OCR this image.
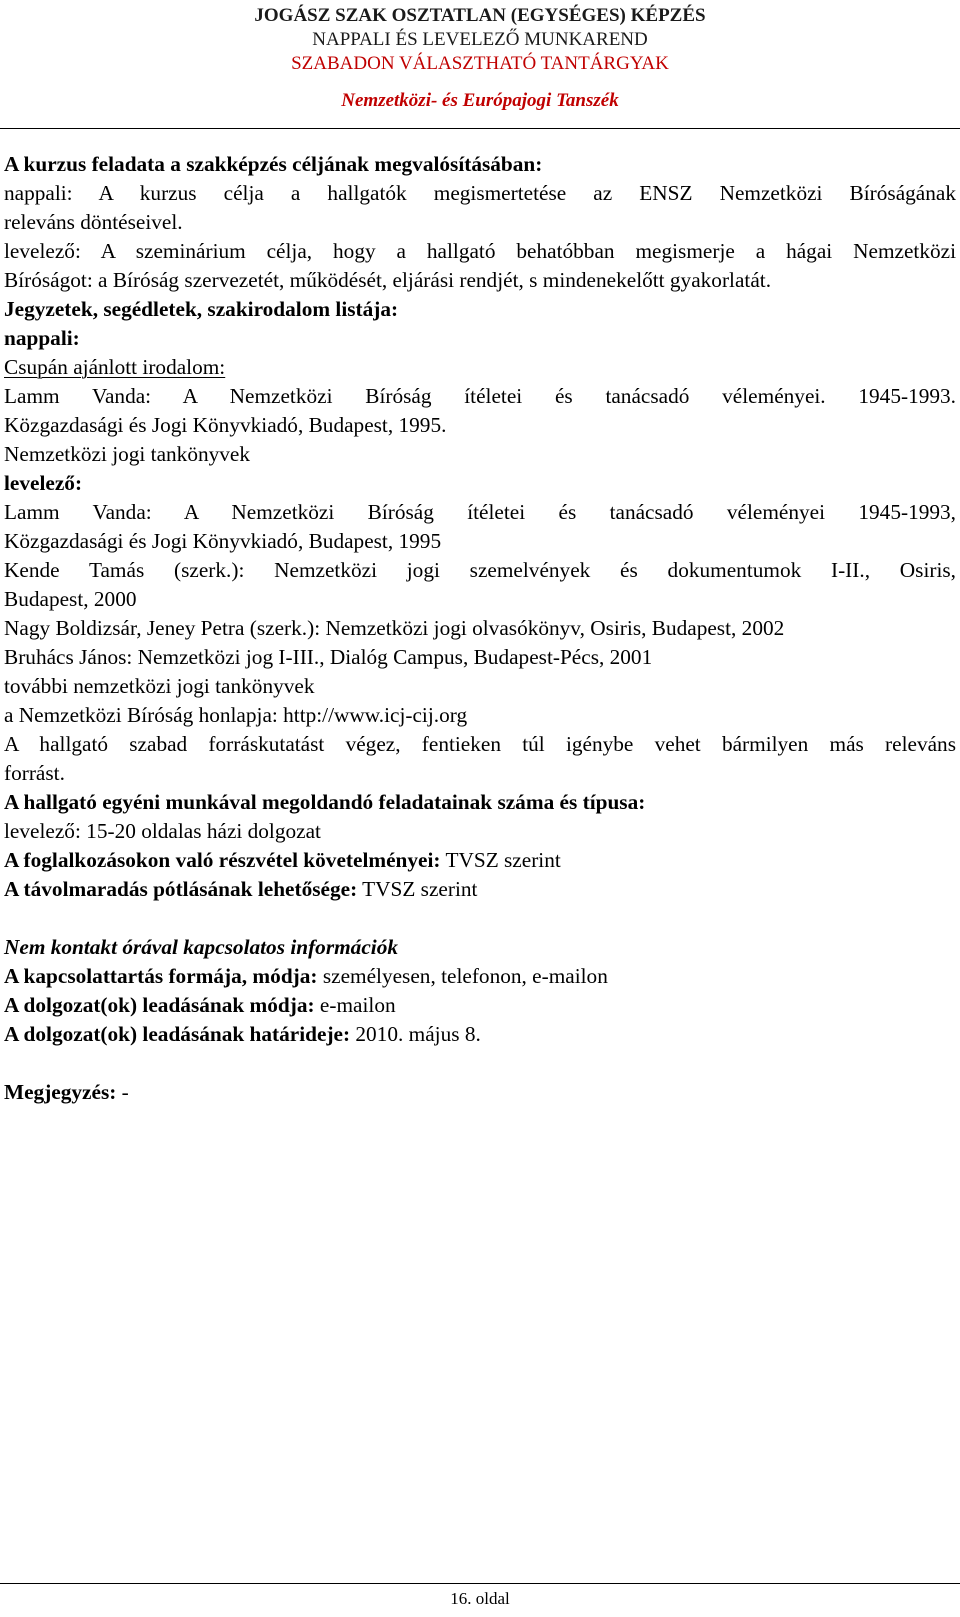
JOGÁSZ SZAK OSZTATLAN (EGYSÉGES) KÉPZÉS
NAPPALI ÉS LEVELEZŐ MUNKAREND
SZABADON VÁLASZTHATÓ TANTÁRGYAK
Nemzetközi- és Európajogi Tanszék

A kurzus feladata a szakképzés céljának megvalósításában:

nappali: A kurzus célja a hallgatók megismertetése az ENSZ Nemzetközi Bíróságának

releváns döntéseivel.

levelező: A szeminárium célja, hogy a hallgató behatóbban megismerje a hágai Nemzetközi

Bíróságot: a Bíróság szervezetét, működését, eljárási rendjét, s mindenekelőtt gyakorlatát.

Jegyzetek, segédletek, szakirodalom listája:

nappali:

Csupán ajánlott irodalom:

Lamm Vanda: A Nemzetközi Bíróság ítéletei és tanácsadó véleményei. 1945-1993.

Közgazdasági és Jogi Könyvkiadó, Budapest, 1995.

Nemzetközi jogi tankönyvek

levelező:

Lamm Vanda: A Nemzetközi Bíróság ítéletei és tanácsadó véleményei 1945-1993,

Közgazdasági és Jogi Könyvkiadó, Budapest, 1995

Kende Tamás (szerk.): Nemzetközi jogi szemelvények és dokumentumok I-II., Osiris,

Budapest, 2000

Nagy Boldizsár, Jeney Petra (szerk.): Nemzetközi jogi olvasókönyv, Osiris, Budapest, 2002

Bruhács János: Nemzetközi jog I-III., Dialóg Campus, Budapest-Pécs, 2001

további nemzetközi jogi tankönyvek

a Nemzetközi Bíróság honlapja: http://www.icj-cij.org

A hallgató szabad forráskutatást végez, fentieken túl igénybe vehet bármilyen más releváns

forrást.

A hallgató egyéni munkával megoldandó feladatainak száma és típusa:

levelező: 15-20 oldalas házi dolgozat

A foglalkozásokon való részvétel követelményei: TVSZ szerint

A távolmaradás pótlásának lehetősége: TVSZ szerint

Nem kontakt órával kapcsolatos információk

A kapcsolattartás formája, módja: személyesen, telefonon, e-mailon

A dolgozat(ok) leadásának módja: e-mailon

A dolgozat(ok) leadásának határideje: 2010. május 8.

Megjegyzés: -

16. oldal
